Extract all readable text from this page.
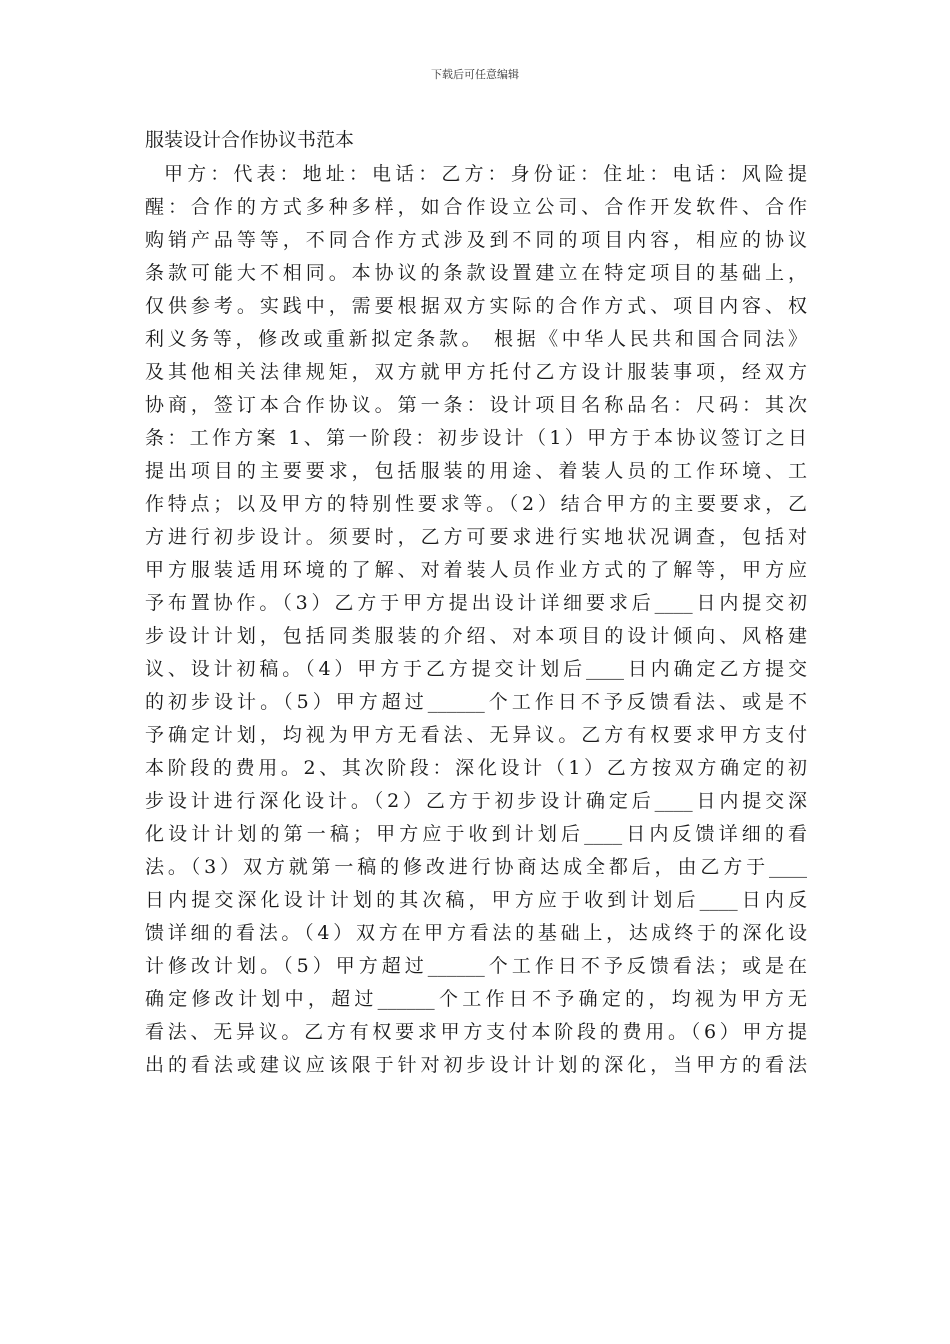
下载后可任意编辑
服装设计合作协议书范本
甲方：代表：地址：电话：乙方：身份证：住址：电话：风险提
醒：合作的方式多种多样，如合作设立公司、合作开发软件、合作
购销产品等等，不同合作方式涉及到不同的项目内容，相应的协议
条款可能大不相同。本协议的条款设置建立在特定项目的基础上，
仅供参考。实践中，需要根据双方实际的合作方式、项目内容、权
利义务等，修改或重新拟定条款。 根据《中华人民共和国合同法》
及其他相关法律规矩，双方就甲方托付乙方设计服装事项，经双方
协商，签订本合作协议。第一条：设计项目名称品名：尺码：其次
条：工作方案 1、第一阶段：初步设计（1）甲方于本协议签订之日
提出项目的主要要求，包括服装的用途、着装人员的工作环境、工
作特点；以及甲方的特别性要求等。（2）结合甲方的主要要求，乙
方进行初步设计。须要时，乙方可要求进行实地状况调查，包括对
甲方服装适用环境的了解、对着装人员作业方式的了解等，甲方应
予布置协作。（3）乙方于甲方提出设计详细要求后____日内提交初
步设计计划，包括同类服装的介绍、对本项目的设计倾向、风格建
议、设计初稿。（4）甲方于乙方提交计划后____日内确定乙方提交
的初步设计。（5）甲方超过______个工作日不予反馈看法、或是不
予确定计划，均视为甲方无看法、无异议。乙方有权要求甲方支付
本阶段的费用。2、其次阶段：深化设计（1）乙方按双方确定的初
步设计进行深化设计。（2）乙方于初步设计确定后____日内提交深
化设计计划的第一稿；甲方应于收到计划后____日内反馈详细的看
法。（3）双方就第一稿的修改进行协商达成全都后，由乙方于____
日内提交深化设计计划的其次稿，甲方应于收到计划后____日内反
馈详细的看法。（4）双方在甲方看法的基础上，达成终于的深化设
计修改计划。（5）甲方超过______个工作日不予反馈看法；或是在
确定修改计划中，超过______个工作日不予确定的，均视为甲方无
看法、无异议。乙方有权要求甲方支付本阶段的费用。（6）甲方提
出的看法或建议应该限于针对初步设计计划的深化，当甲方的看法
